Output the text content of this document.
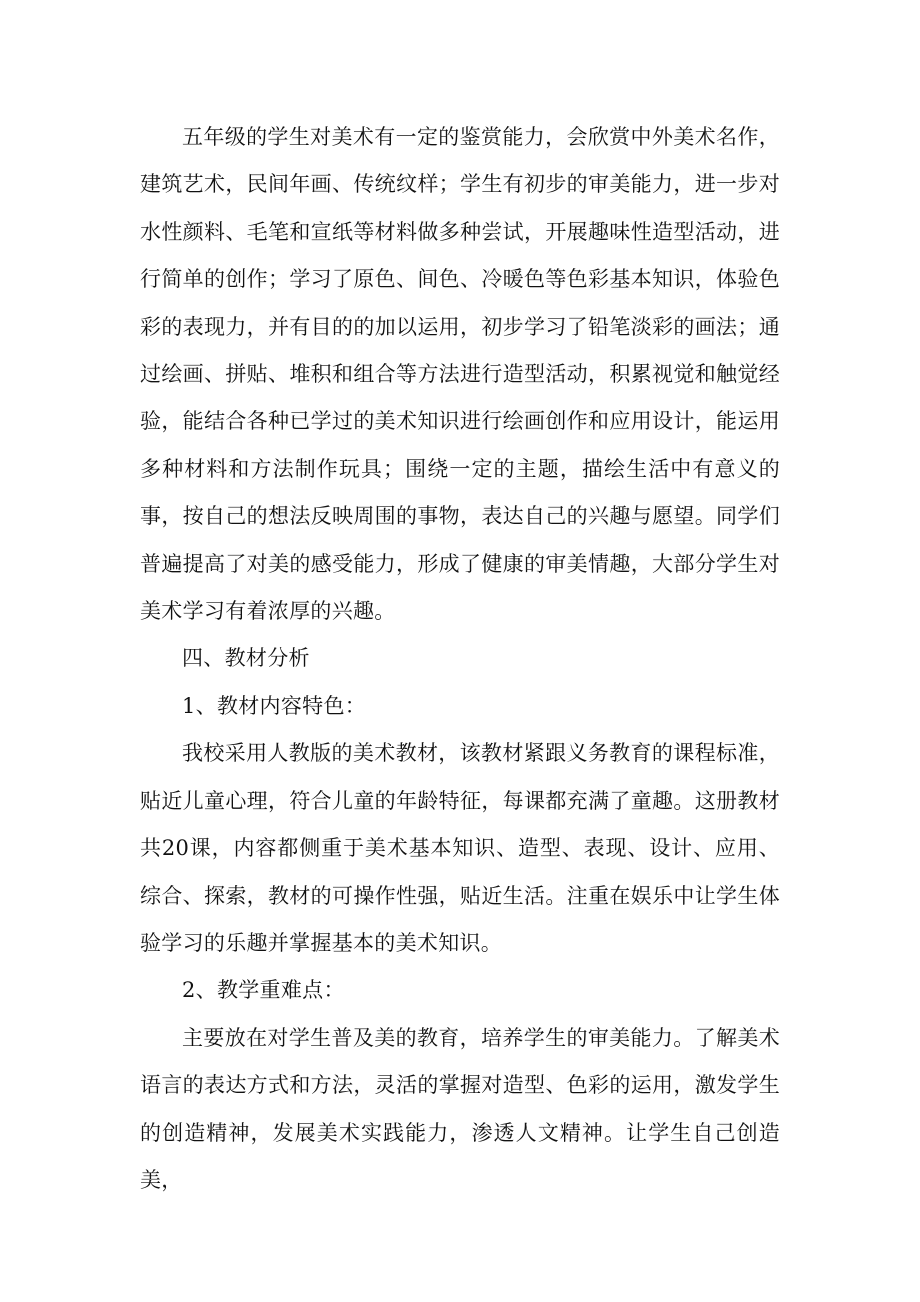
五年级的学生对美术有一定的鉴赏能力，会欣赏中外美术名作，建筑艺术，民间年画、传统纹样；学生有初步的审美能力，进一步对水性颜料、毛笔和宣纸等材料做多种尝试，开展趣味性造型活动，进行简单的创作；学习了原色、间色、冷暖色等色彩基本知识，体验色彩的表现力，并有目的的加以运用，初步学习了铅笔淡彩的画法；通过绘画、拼贴、堆积和组合等方法进行造型活动，积累视觉和触觉经验，能结合各种已学过的美术知识进行绘画创作和应用设计，能运用多种材料和方法制作玩具；围绕一定的主题，描绘生活中有意义的事，按自己的想法反映周围的事物，表达自己的兴趣与愿望。同学们普遍提高了对美的感受能力，形成了健康的审美情趣，大部分学生对美术学习有着浓厚的兴趣。

四、教材分析

1、教材内容特色：

我校采用人教版的美术教材，该教材紧跟义务教育的课程标准，贴近儿童心理，符合儿童的年龄特征，每课都充满了童趣。这册教材共20课，内容都侧重于美术基本知识、造型、表现、设计、应用、综合、探索，教材的可操作性强，贴近生活。注重在娱乐中让学生体验学习的乐趣并掌握基本的美术知识。

2、教学重难点：

主要放在对学生普及美的教育，培养学生的审美能力。了解美术语言的表达方式和方法，灵活的掌握对造型、色彩的运用，激发学生的创造精神，发展美术实践能力，渗透人文精神。让学生自己创造美，
